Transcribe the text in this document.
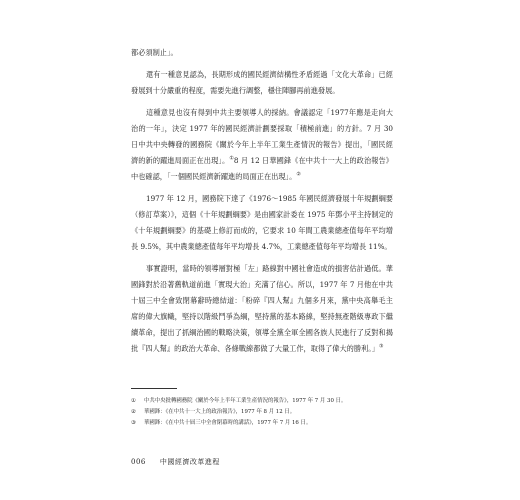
都必須制止」。

還有一種意見認為，長期形成的國民經濟結構性矛盾經過「文化大革命」已經發展到十分嚴重的程度，需要先進行調整，穩住陣腳再前進發展。

這種意見也沒有得到中共主要領導人的採納。會議認定「1977年應是走向大治的一年」，決定 1977 年的國民經濟計劃要採取「積極前進」的方針。7 月 30 日中共中央轉發的國務院《關於今年上半年工業生產情況的報告》提出，「國民經濟的新的躍進局面正在出現」。①8 月 12 日華國鋒《在中共十一大上的政治報告》中也確認，「一個國民經濟新躍進的局面正在出現」。②

1977 年 12 月，國務院下達了《1976～1985 年國民經濟發展十年規劃綱要（修訂草案）》，這個《十年規劃綱要》是由國家計委在 1975 年鄧小平主持制定的《十年規劃綱要》的基礎上修訂而成的，它要求 10 年間工農業總產值每年平均增長 9.5%，其中農業總產值每年平均增長 4.7%，工業總產值每年平均增長 11%。

事實證明，當時的領導層對極「左」路線對中國社會造成的損害估計過低。華國鋒對於沿著舊軌道前進「實現大治」充滿了信心。所以，1977 年 7 月他在中共十屆三中全會致閉幕辭時總結道：「粉碎『四人幫』九個多月來，黨中央高舉毛主席的偉大旗幟，堅持以階級鬥爭為綱，堅持黨的基本路線，堅持無產階級專政下繼續革命，提出了抓綱治國的戰略決策，領導全黨全軍全國各族人民進行了反對和揭批『四人幫』的政治大革命、各條戰線都做了大量工作，取得了偉大的勝利。」③

① 中共中央批轉國務院《關於今年上半年工業生產情況的報告》，1977 年 7 月 30 日。
② 華國鋒：《在中共十一大上的政治報告》，1977 年 8 月 12 日。
③ 華國鋒：《在中共十屆三中全會閉幕時的講話》，1977 年 7 月 16 日。
006 中國經濟改革進程
